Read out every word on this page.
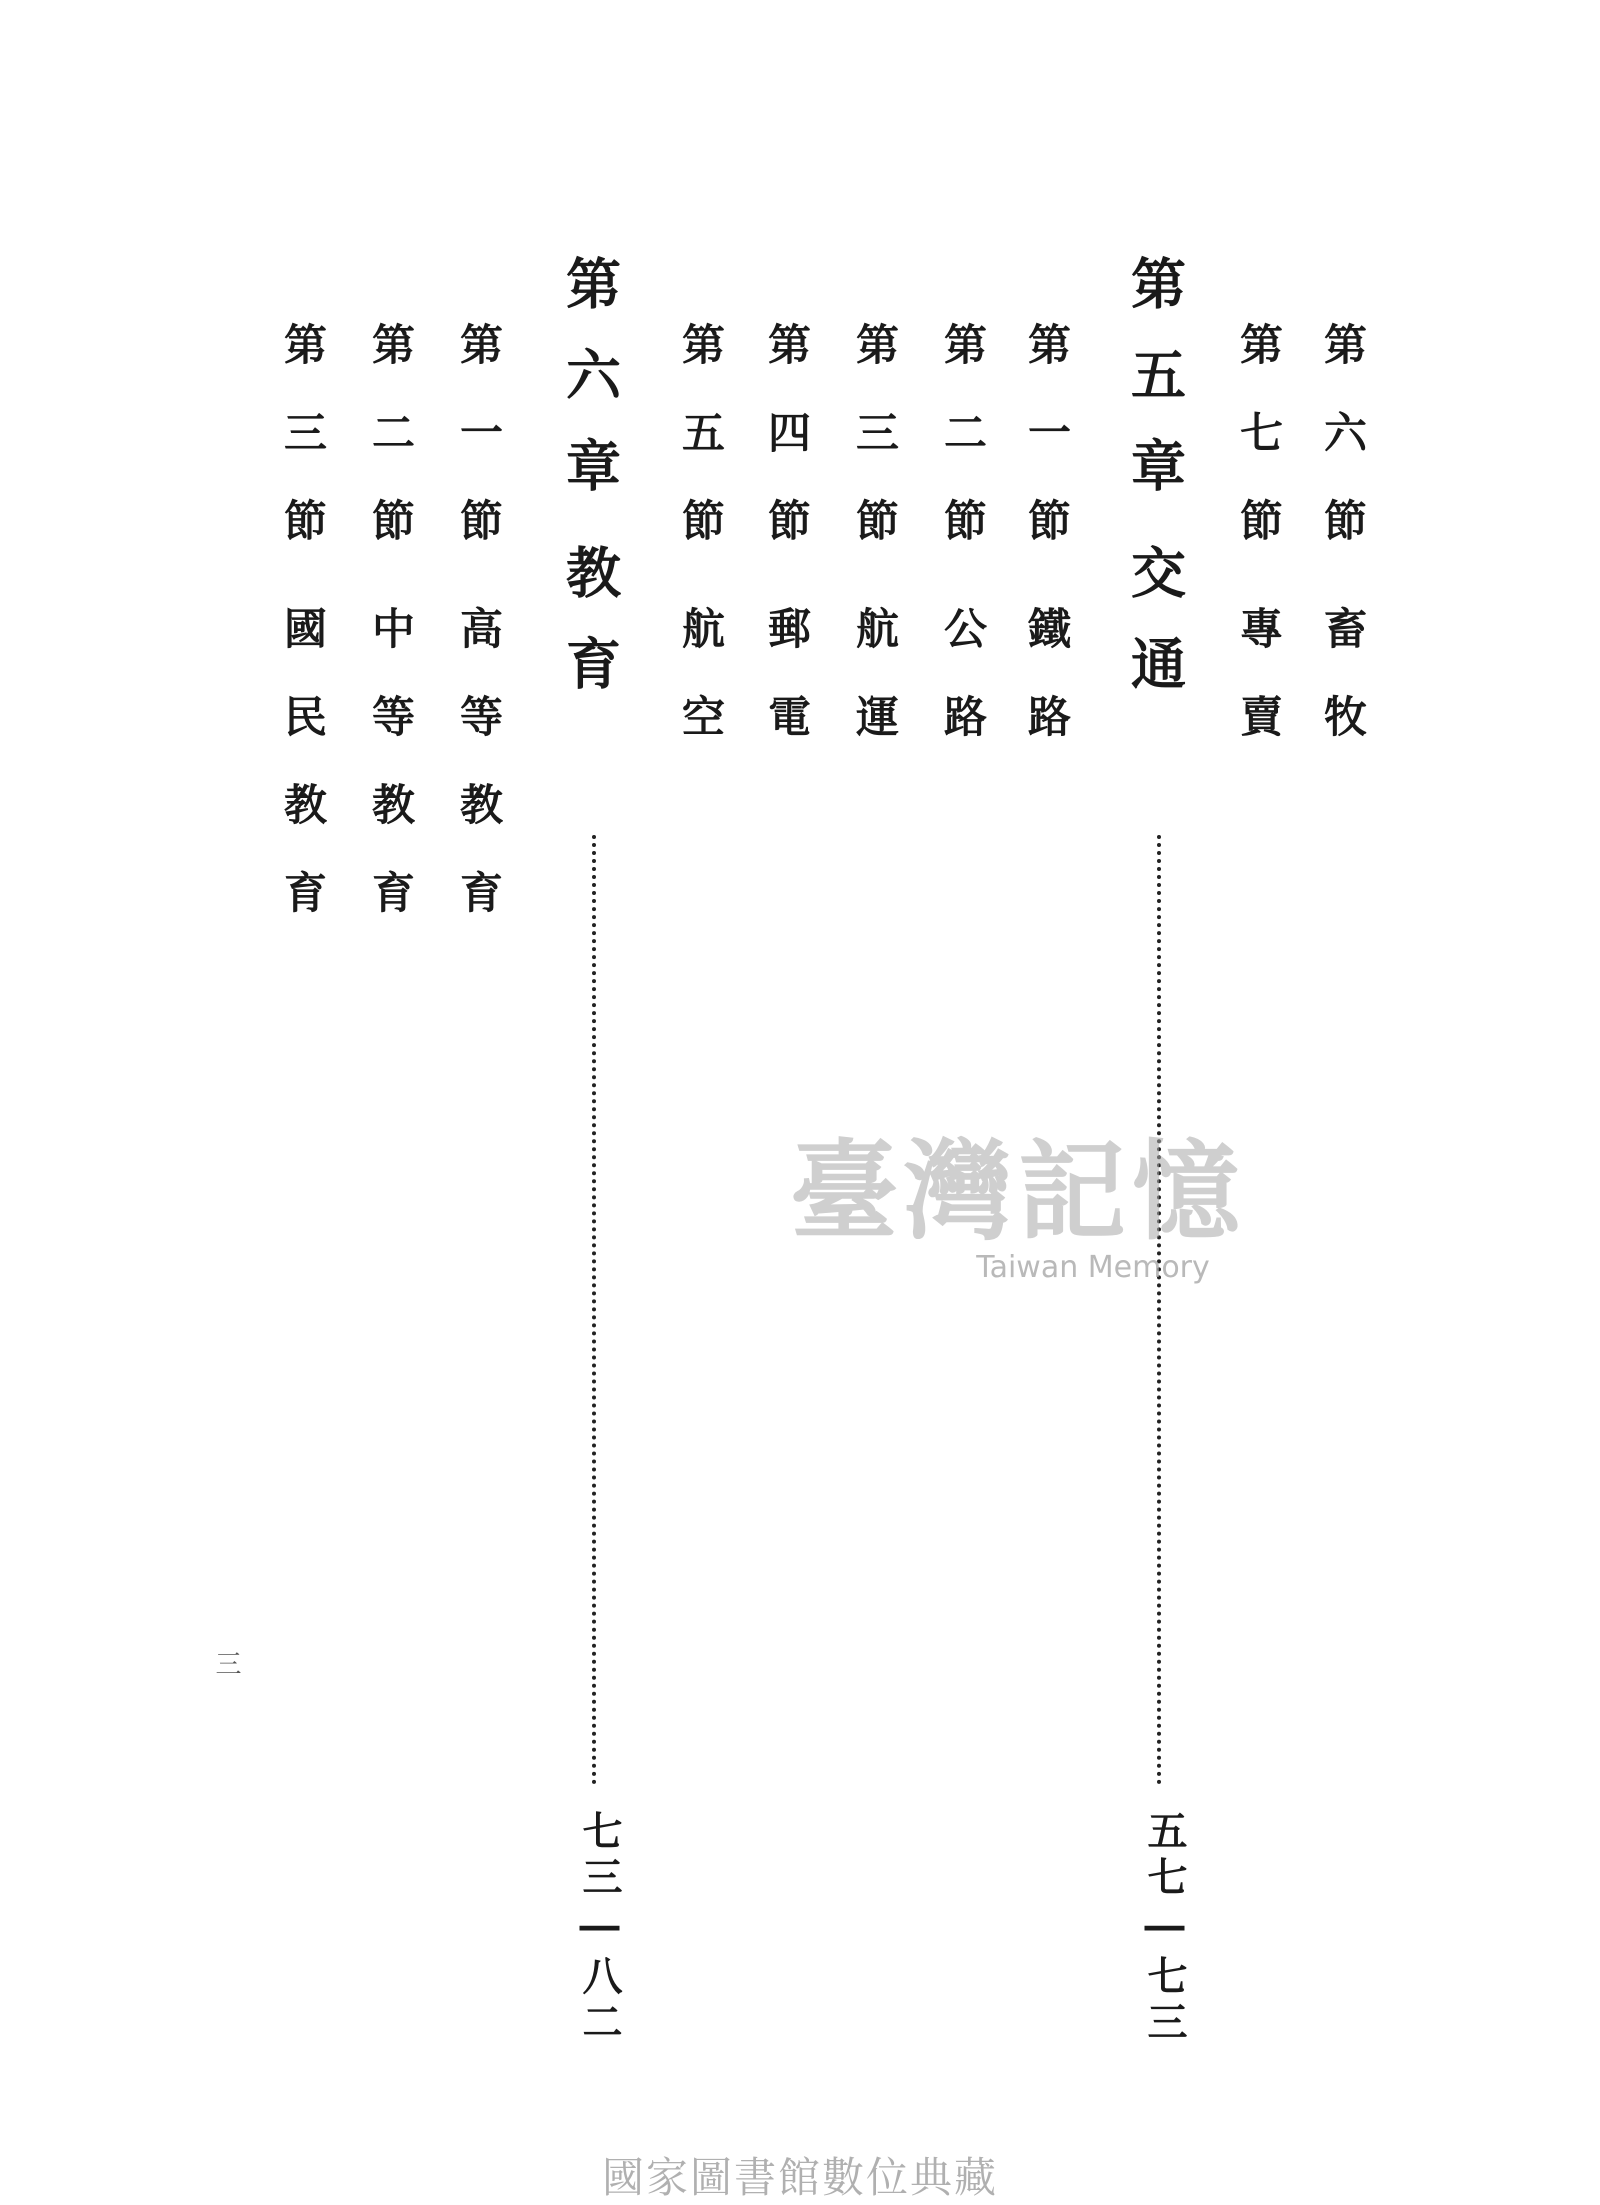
第六節畜牧
第七節專賣
第五章交通
五七―七三
第一節鐵路
第二節公路
第三節航運
第四節郵電
第五節航空
第六章教育
七三―八二
第一節高等教育
第二節中等教育
第三節國民教育
三
臺灣記憶
Taiwan Memory
國家圖書館數位典藏
